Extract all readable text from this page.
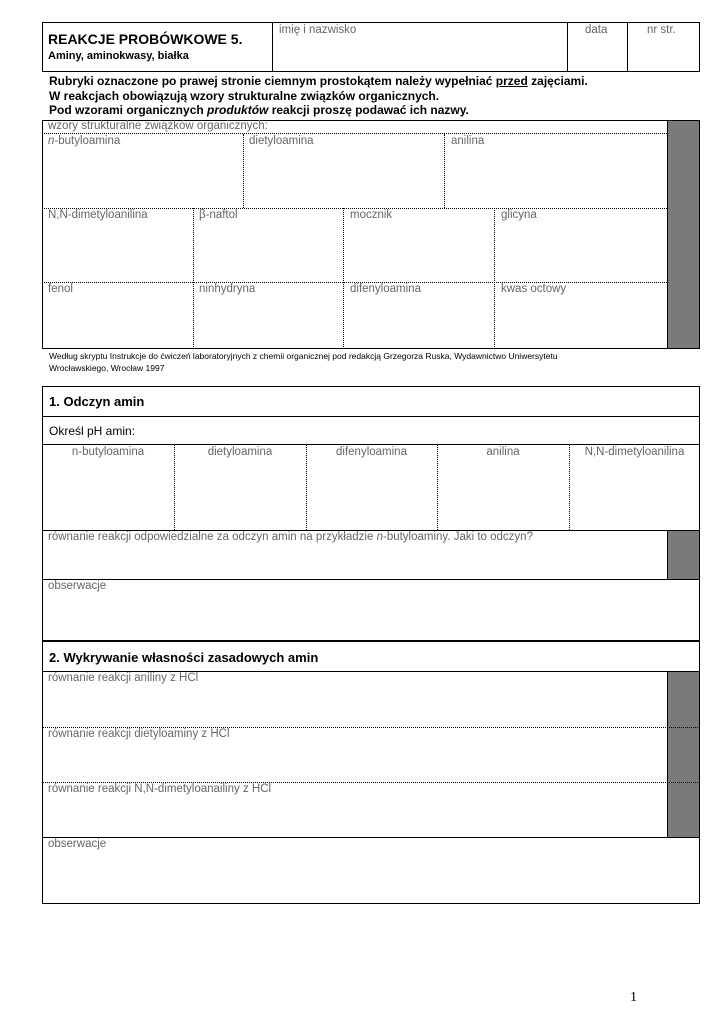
REAKCJE PROBÓWKOWE 5.
Aminy, aminokwasy, białka
imię i nazwisko	data	nr str.
Rubryki oznaczone po prawej stronie ciemnym prostokątem należy wypełniać przed zajęciami.
W reakcjach obowiązują wzory strukturalne związków organicznych.
Pod wzorami organicznych produktów reakcji proszę podawać ich nazwy.
wzory strukturalne związków organicznych:
n-butyloamina	dietyloamina	anilina
N,N-dimetyloanilina	β-naftol	mocznik	glicyna
fenol	ninhydryna	difenyloamina	kwas octowy
Według skryptu Instrukcje do ćwiczeń laboratoryjnych z chemii organicznej pod redakcją Grzegorza Ruska, Wydawnictwo Uniwersytetu
Wrocławskiego, Wrocław 1997
1. Odczyn amin
Określ pH amin:
n-butyloamina	dietyloamina	difenyloamina	anilina	N,N-dimetyloanilina
równanie reakcji odpowiedzialne za odczyn amin na przykładzie n-butyloaminy. Jaki to odczyn?
obserwacje
2. Wykrywanie własności zasadowych amin
równanie reakcji aniliny z HCl
równanie reakcji dietyloaminy z HCl
równanie reakcji N,N-dimetyloanailiny z HCl
obserwacje
1
